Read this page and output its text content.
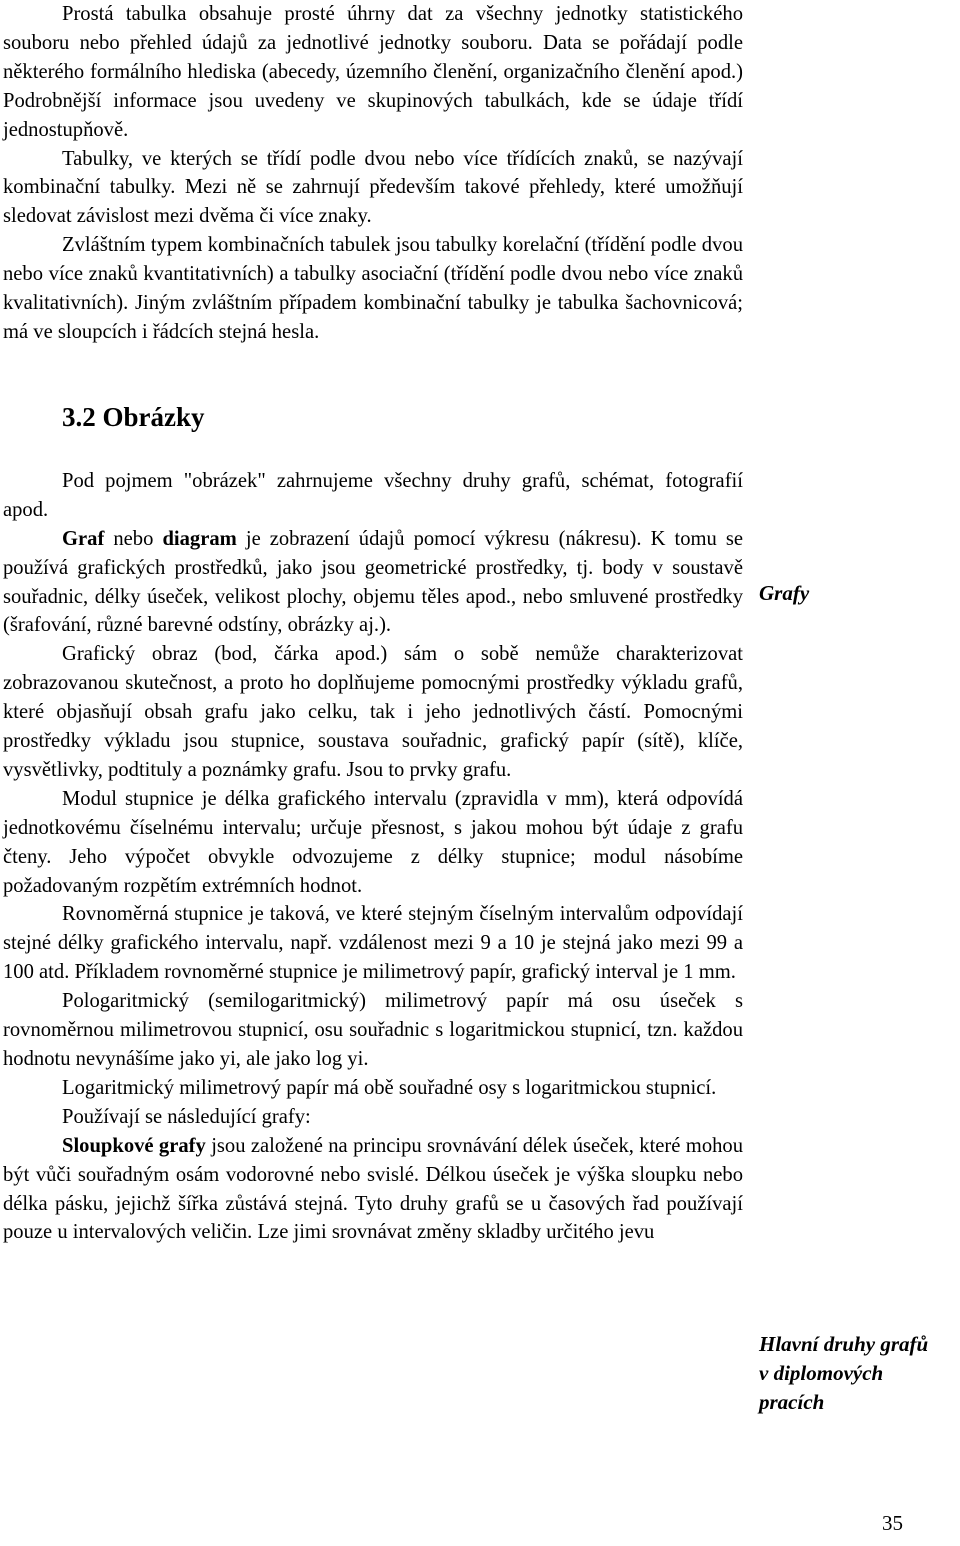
Prostá tabulka obsahuje prosté úhrny dat za všechny jednotky statistického souboru nebo přehled údajů za jednotlivé jednotky souboru. Data se pořádají podle některého formálního hlediska (abecedy, územního členění, organizačního členění apod.) Podrobnější informace jsou uvedeny ve skupinových tabulkách, kde se údaje třídí jednostupňově.

Tabulky, ve kterých se třídí podle dvou nebo více třídících znaků, se nazývají kombinační tabulky. Mezi ně se zahrnují především takové přehledy, které umožňují sledovat závislost mezi dvěma či více znaky.

Zvláštním typem kombinačních tabulek jsou tabulky korelační (třídění podle dvou nebo více znaků kvantitativních) a tabulky asociační (třídění podle dvou nebo více znaků kvalitativních). Jiným zvláštním případem kombinační tabulky je tabulka šachovnicová; má ve sloupcích i řádcích stejná hesla.

3.2 Obrázky

Pod pojmem "obrázek" zahrnujeme všechny druhy grafů, schémat, fotografií apod.

Graf nebo diagram je zobrazení údajů pomocí výkresu (nákresu). K tomu se používá grafických prostředků, jako jsou geometrické prostředky, tj. body v soustavě souřadnic, délky úseček, velikost plochy, objemu těles apod., nebo smluvené prostředky (šrafování, různé barevné odstíny, obrázky aj.).

Grafický obraz (bod, čárka apod.) sám o sobě nemůže charakterizovat zobrazovanou skutečnost, a proto ho doplňujeme pomocnými prostředky výkladu grafů, které objasňují obsah grafu jako celku, tak i jeho jednotlivých částí. Pomocnými prostředky výkladu jsou stupnice, soustava souřadnic, grafický papír (sítě), klíče, vysvětlivky, podtituly a poznámky grafu. Jsou to prvky grafu.

Modul stupnice je délka grafického intervalu (zpravidla v mm), která odpovídá jednotkovému číselnému intervalu; určuje přesnost, s jakou mohou být údaje z grafu čteny. Jeho výpočet obvykle odvozujeme z délky stupnice; modul násobíme požadovaným rozpětím extrémních hodnot.

Rovnoměrná stupnice je taková, ve které stejným číselným intervalům odpovídají stejné délky grafického intervalu, např. vzdálenost mezi 9 a 10 je stejná jako mezi 99 a 100 atd. Příkladem rovnoměrné stupnice je milimetrový papír, grafický interval je 1 mm.

Pologaritmický (semilogaritmický) milimetrový papír má osu úseček s rovnoměrnou milimetrovou stupnicí, osu souřadnic s logaritmickou stupnicí, tzn. každou hodnotu nevynášíme jako yi, ale jako log yi.

Logaritmický milimetrový papír má obě souřadné osy s logaritmickou stupnicí.

Používají se následující grafy:

Sloupkové grafy jsou založené na principu srovnávání délek úseček, které mohou být vůči souřadným osám vodorovné nebo svislé. Délkou úseček je výška sloupku nebo délka pásku, jejichž šířka zůstává stejná. Tyto druhy grafů se u časových řad používají pouze u intervalových veličin. Lze jimi srovnávat změny skladby určitého jevu

Grafy
Hlavní druhy grafů
v diplomových
pracích
35
